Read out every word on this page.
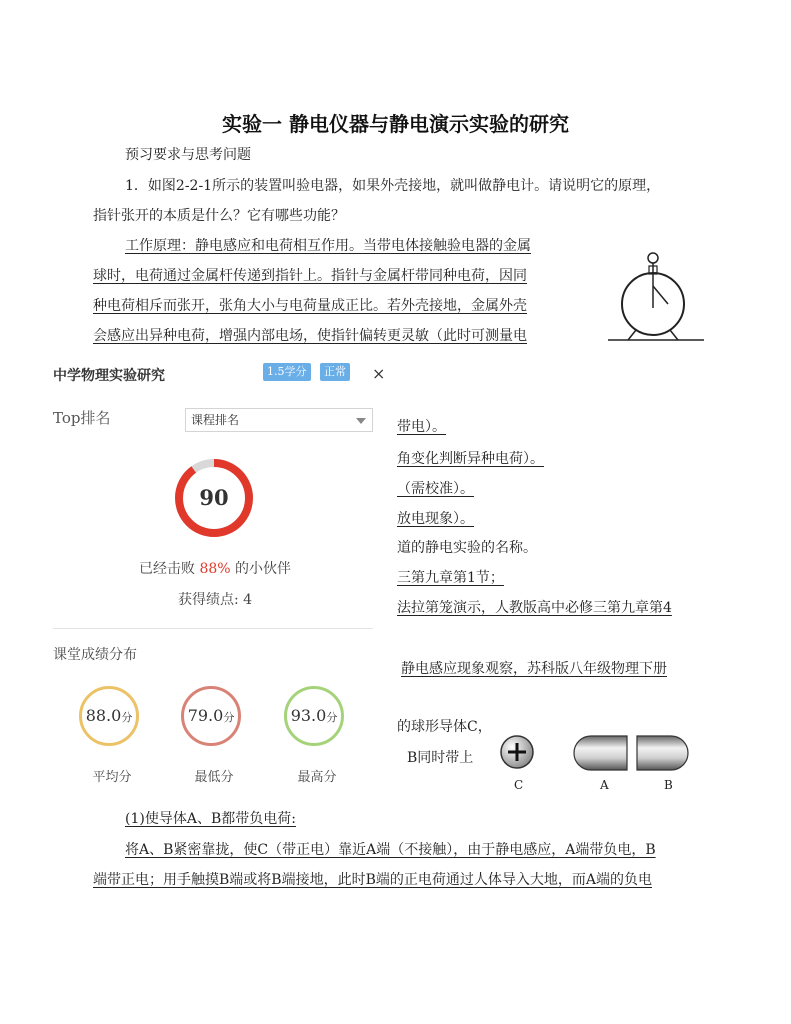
实验一 静电仪器与静电演示实验的研究
预习要求与思考问题
1．如图2-2-1所示的装置叫验电器，如果外壳接地，就叫做静电计。请说明它的原理，
指针张开的本质是什么？它有哪些功能？
工作原理：静电感应和电荷相互作用。当带电体接触验电器的金属
球时，电荷通过金属杆传递到指针上。指针与金属杆带同种电荷，因同
种电荷相斥而张开，张角大小与电荷量成正比。若外壳接地，金属外壳
会感应出异种电荷，增强内部电场，使指针偏转更灵敏（此时可测量电
带电）。
角变化判断异种电荷）。
（需校准）。
放电现象）。
道的静电实验的名称。
三第九章第1节；
法拉第笼演示，人教版高中必修三第九章第4
静电感应现象观察，苏科版八年级物理下册
的球形导体C，
B同时带上
C	A	B
(1)使导体A、B都带负电荷:
将A、B紧密靠拢，使C（带正电）靠近A端（不接触），由于静电感应，A端带负电，B
端带正电；用手触摸B端或将B端接地，此时B端的正电荷通过人体导入大地，而A端的负电
中学物理实验研究	1.5学分	正常 ×
Top排名	课程排名
90
已经击败 88% 的小伙伴
获得绩点: 4
课堂成绩分布
88.0分	79.0分	93.0分
平均分	最低分	最高分
